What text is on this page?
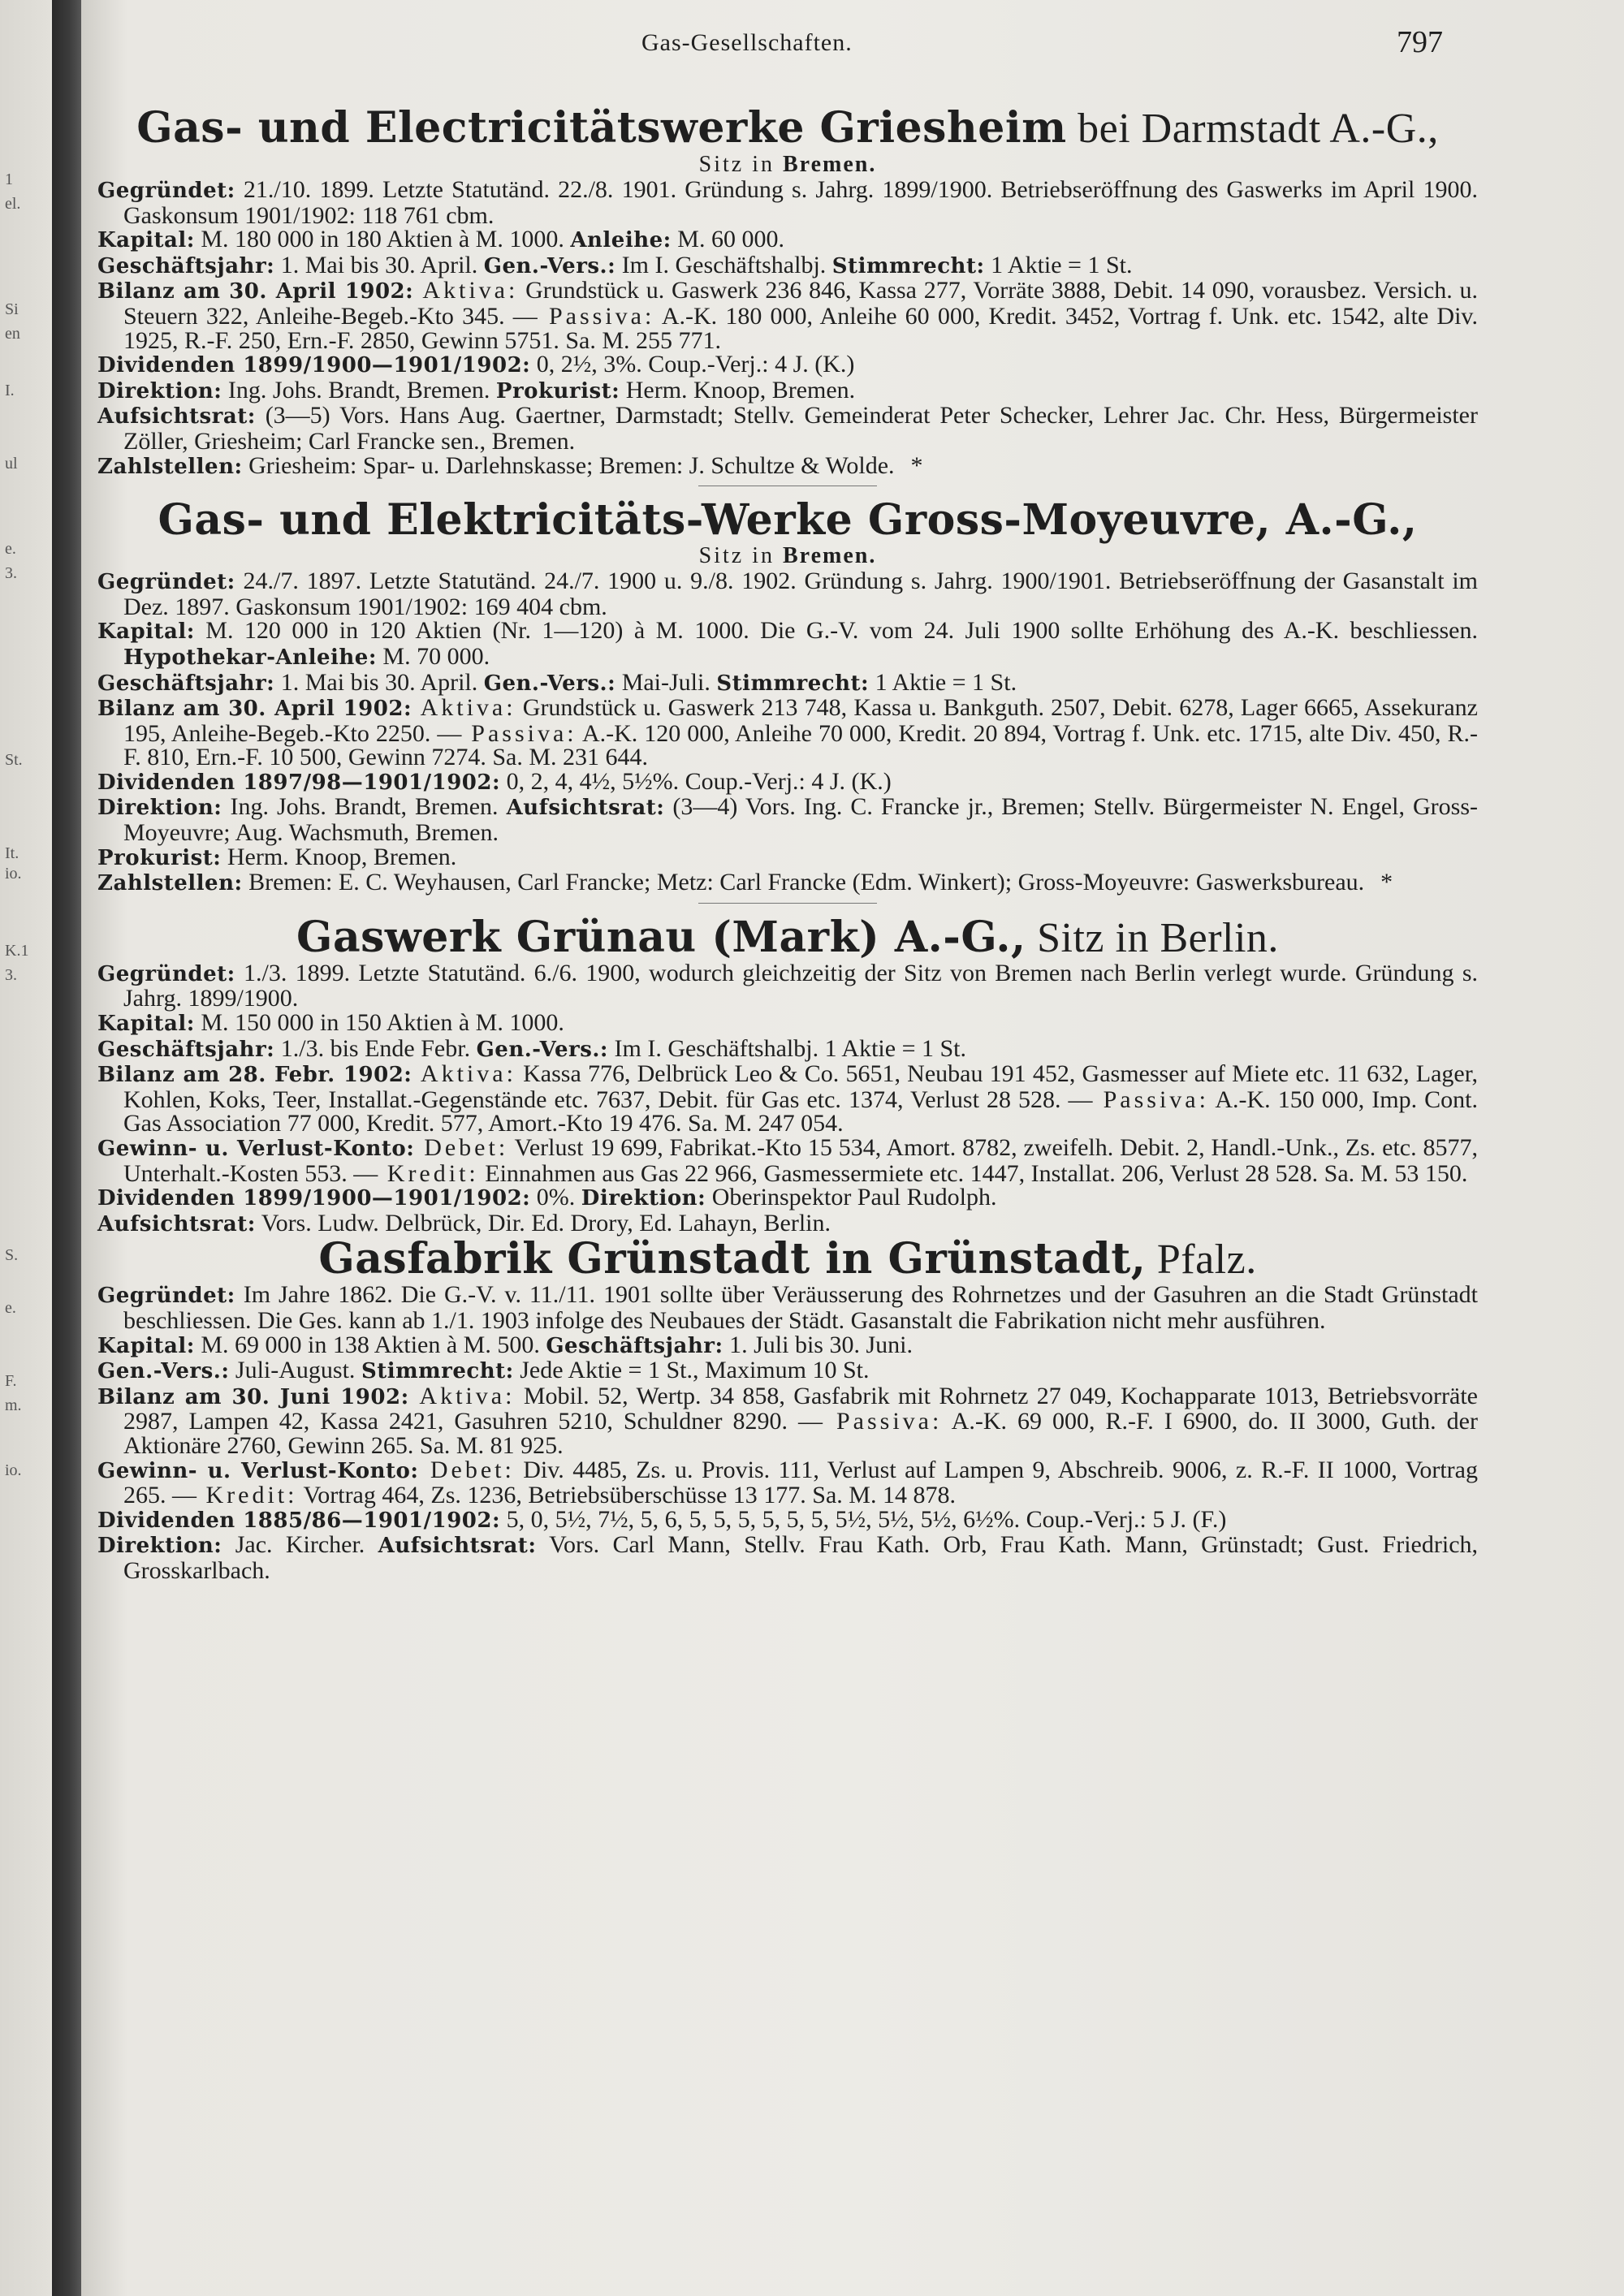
1
el.
Si
en
I.
ul
e.
3.
St.
It.
io.
K.1
3.
S.
e.
F.
m.
io.
Gas-Gesellschaften.	797
Gas- und Electricitätswerke Griesheim bei Darmstadt A.-G.,
Sitz in Bremen.

Gegründet: 21./10. 1899. Letzte Statutänd. 22./8. 1901. Gründung s. Jahrg. 1899/1900. Betriebseröffnung des Gaswerks im April 1900. Gaskonsum 1901/1902: 118 761 cbm.

Kapital: M. 180 000 in 180 Aktien à M. 1000. Anleihe: M. 60 000.

Geschäftsjahr: 1. Mai bis 30. April. Gen.-Vers.: Im I. Geschäftshalbj. Stimmrecht: 1 Aktie = 1 St.

Bilanz am 30. April 1902: Aktiva: Grundstück u. Gaswerk 236 846, Kassa 277, Vorräte 3888, Debit. 14 090, vorausbez. Versich. u. Steuern 322, Anleihe-Begeb.-Kto 345. — Passiva: A.-K. 180 000, Anleihe 60 000, Kredit. 3452, Vortrag f. Unk. etc. 1542, alte Div. 1925, R.-F. 250, Ern.-F. 2850, Gewinn 5751. Sa. M. 255 771.

Dividenden 1899/1900—1901/1902: 0, 2½, 3%. Coup.-Verj.: 4 J. (K.)

Direktion: Ing. Johs. Brandt, Bremen. Prokurist: Herm. Knoop, Bremen.

Aufsichtsrat: (3—5) Vors. Hans Aug. Gaertner, Darmstadt; Stellv. Gemeinderat Peter Schecker, Lehrer Jac. Chr. Hess, Bürgermeister Zöller, Griesheim; Carl Francke sen., Bremen.

Zahlstellen: Griesheim: Spar- u. Darlehnskasse; Bremen: J. Schultze & Wolde. *

Gas- und Elektricitäts-Werke Gross-Moyeuvre, A.-G.,
Sitz in Bremen.

Gegründet: 24./7. 1897. Letzte Statutänd. 24./7. 1900 u. 9./8. 1902. Gründung s. Jahrg. 1900/1901. Betriebseröffnung der Gasanstalt im Dez. 1897. Gaskonsum 1901/1902: 169 404 cbm.

Kapital: M. 120 000 in 120 Aktien (Nr. 1—120) à M. 1000. Die G.-V. vom 24. Juli 1900 sollte Erhöhung des A.-K. beschliessen. Hypothekar-Anleihe: M. 70 000.

Geschäftsjahr: 1. Mai bis 30. April. Gen.-Vers.: Mai-Juli. Stimmrecht: 1 Aktie = 1 St.

Bilanz am 30. April 1902: Aktiva: Grundstück u. Gaswerk 213 748, Kassa u. Bankguth. 2507, Debit. 6278, Lager 6665, Assekuranz 195, Anleihe-Begeb.-Kto 2250. — Passiva: A.-K. 120 000, Anleihe 70 000, Kredit. 20 894, Vortrag f. Unk. etc. 1715, alte Div. 450, R.-F. 810, Ern.-F. 10 500, Gewinn 7274. Sa. M. 231 644.

Dividenden 1897/98—1901/1902: 0, 2, 4, 4½, 5½%. Coup.-Verj.: 4 J. (K.)

Direktion: Ing. Johs. Brandt, Bremen. Aufsichtsrat: (3—4) Vors. Ing. C. Francke jr., Bremen; Stellv. Bürgermeister N. Engel, Gross-Moyeuvre; Aug. Wachsmuth, Bremen.

Prokurist: Herm. Knoop, Bremen.

Zahlstellen: Bremen: E. C. Weyhausen, Carl Francke; Metz: Carl Francke (Edm. Winkert); Gross-Moyeuvre: Gaswerksbureau. *

Gaswerk Grünau (Mark) A.-G., Sitz in Berlin.

Gegründet: 1./3. 1899. Letzte Statutänd. 6./6. 1900, wodurch gleichzeitig der Sitz von Bremen nach Berlin verlegt wurde. Gründung s. Jahrg. 1899/1900.

Kapital: M. 150 000 in 150 Aktien à M. 1000.

Geschäftsjahr: 1./3. bis Ende Febr. Gen.-Vers.: Im I. Geschäftshalbj. 1 Aktie = 1 St.

Bilanz am 28. Febr. 1902: Aktiva: Kassa 776, Delbrück Leo & Co. 5651, Neubau 191 452, Gasmesser auf Miete etc. 11 632, Lager, Kohlen, Koks, Teer, Installat.-Gegenstände etc. 7637, Debit. für Gas etc. 1374, Verlust 28 528. — Passiva: A.-K. 150 000, Imp. Cont. Gas Association 77 000, Kredit. 577, Amort.-Kto 19 476. Sa. M. 247 054.

Gewinn- u. Verlust-Konto: Debet: Verlust 19 699, Fabrikat.-Kto 15 534, Amort. 8782, zweifelh. Debit. 2, Handl.-Unk., Zs. etc. 8577, Unterhalt.-Kosten 553. — Kredit: Einnahmen aus Gas 22 966, Gasmessermiete etc. 1447, Installat. 206, Verlust 28 528. Sa. M. 53 150.

Dividenden 1899/1900—1901/1902: 0%. Direktion: Oberinspektor Paul Rudolph.

Aufsichtsrat: Vors. Ludw. Delbrück, Dir. Ed. Drory, Ed. Lahayn, Berlin.

Gasfabrik Grünstadt in Grünstadt, Pfalz.

Gegründet: Im Jahre 1862. Die G.-V. v. 11./11. 1901 sollte über Veräusserung des Rohrnetzes und der Gasuhren an die Stadt Grünstadt beschliessen. Die Ges. kann ab 1./1. 1903 infolge des Neubaues der Städt. Gasanstalt die Fabrikation nicht mehr ausführen.

Kapital: M. 69 000 in 138 Aktien à M. 500. Geschäftsjahr: 1. Juli bis 30. Juni.

Gen.-Vers.: Juli-August. Stimmrecht: Jede Aktie = 1 St., Maximum 10 St.

Bilanz am 30. Juni 1902: Aktiva: Mobil. 52, Wertp. 34 858, Gasfabrik mit Rohrnetz 27 049, Kochapparate 1013, Betriebsvorräte 2987, Lampen 42, Kassa 2421, Gasuhren 5210, Schuldner 8290. — Passiva: A.-K. 69 000, R.-F. I 6900, do. II 3000, Guth. der Aktionäre 2760, Gewinn 265. Sa. M. 81 925.

Gewinn- u. Verlust-Konto: Debet: Div. 4485, Zs. u. Provis. 111, Verlust auf Lampen 9, Abschreib. 9006, z. R.-F. II 1000, Vortrag 265. — Kredit: Vortrag 464, Zs. 1236, Betriebsüberschüsse 13 177. Sa. M. 14 878.

Dividenden 1885/86—1901/1902: 5, 0, 5½, 7½, 5, 6, 5, 5, 5, 5, 5, 5, 5½, 5½, 5½, 6½%. Coup.-Verj.: 5 J. (F.)

Direktion: Jac. Kircher. Aufsichtsrat: Vors. Carl Mann, Stellv. Frau Kath. Orb, Frau Kath. Mann, Grünstadt; Gust. Friedrich, Grosskarlbach.
